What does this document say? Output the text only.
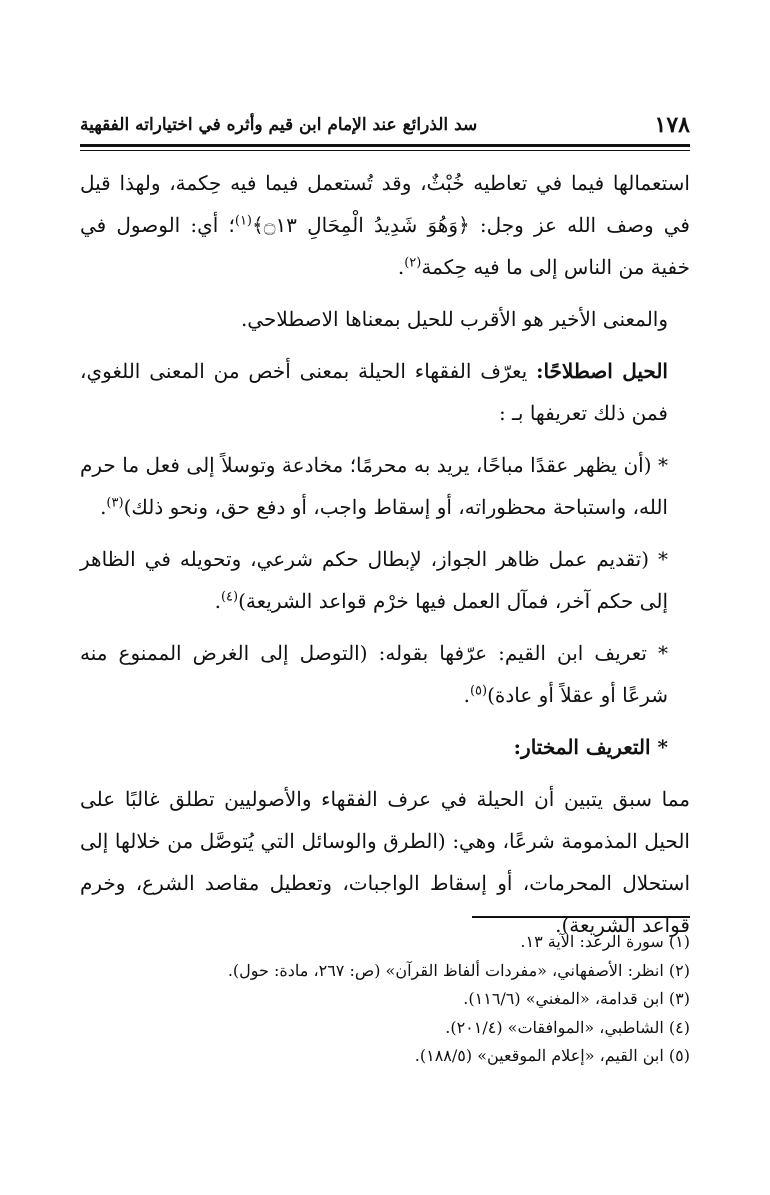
١٧٨
سد الذرائع عند الإمام ابن قيم وأثره في اختياراته الفقهية

استعمالها فيما في تعاطيه خُبْثٌ، وقد تُستعمل فيما فيه حِكمة، ولهذا قيل في وصف الله عز وجل: ﴿وَهُوَ شَدِيدُ الْمِحَالِ ۝١٣﴾$^{(١)}$؛ أي: الوصول في خفية من الناس إلى ما فيه حِكمة$^{(٢)}$.

والمعنى الأخير هو الأقرب للحيل بمعناها الاصطلاحي.

الحيل اصطلاحًا: يعرّف الفقهاء الحيلة بمعنى أخص من المعنى اللغوي، فمن ذلك تعريفها بـ :

* (أن يظهر عقدًا مباحًا، يريد به محرمًا؛ مخادعة وتوسلاً إلى فعل ما حرم الله، واستباحة محظوراته، أو إسقاط واجب، أو دفع حق، ونحو ذلك)$^{(٣)}$.

* (تقديم عمل ظاهر الجواز، لإبطال حكم شرعي، وتحويله في الظاهر إلى حكم آخر، فمآل العمل فيها خرْم قواعد الشريعة)$^{(٤)}$.

* تعريف ابن القيم: عرّفها بقوله: (التوصل إلى الغرض الممنوع منه شرعًا أو عقلاً أو عادة)$^{(٥)}$.

* التعريف المختار:

مما سبق يتبين أن الحيلة في عرف الفقهاء والأصوليين تطلق غالبًا على الحيل المذمومة شرعًا، وهي: (الطرق والوسائل التي يُتوصَّل من خلالها إلى استحلال المحرمات، أو إسقاط الواجبات، وتعطيل مقاصد الشرع، وخرم قواعد الشريعة).

(١) سورة الرعد: الآية ١٣.

(٢) انظر: الأصفهاني، «مفردات ألفاظ القرآن» (ص: ٢٦٧، مادة: حول).

(٣) ابن قدامة، «المغني» (١١٦/٦).

(٤) الشاطبي، «الموافقات» (٢٠١/٤).

(٥) ابن القيم، «إعلام الموقعين» (١٨٨/٥).
